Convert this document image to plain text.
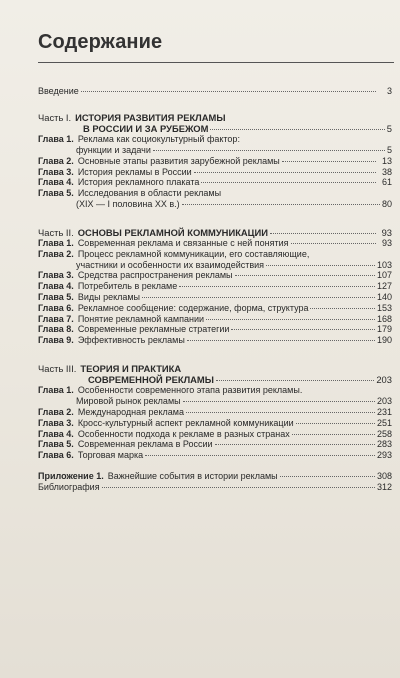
Содержание
Введение	3
Часть I. ИСТОРИЯ РАЗВИТИЯ РЕКЛАМЫ
В РОССИИ И ЗА РУБЕЖОМ	5
Глава 1. Реклама как социокультурный фактор:
функции и задачи	5
Глава 2. Основные этапы развития зарубежной рекламы	13
Глава 3. История рекламы в России	38
Глава 4. История рекламного плаката	61
Глава 5. Исследования в области рекламы
(XIX — I половина XX в.)	80
Часть II. ОСНОВЫ РЕКЛАМНОЙ КОММУНИКАЦИИ	93
Глава 1. Современная реклама и связанные с ней понятия	93
Глава 2. Процесс рекламной коммуникации, его составляющие,
участники и особенности их взаимодействия	103
Глава 3. Средства распространения рекламы	107
Глава 4. Потребитель в рекламе	127
Глава 5. Виды рекламы	140
Глава 6. Рекламное сообщение: содержание, форма, структура	153
Глава 7. Понятие рекламной кампании	168
Глава 8. Современные рекламные стратегии	179
Глава 9. Эффективность рекламы	190
Часть III. ТЕОРИЯ И ПРАКТИКА
СОВРЕМЕННОЙ РЕКЛАМЫ	203
Глава 1. Особенности современного этапа развития рекламы.
Мировой рынок рекламы	203
Глава 2. Международная реклама	231
Глава 3. Кросс-культурный аспект рекламной коммуникации	251
Глава 4. Особенности подхода к рекламе в разных странах	258
Глава 5. Современная реклама в России	283
Глава 6. Торговая марка	293
Приложение 1. Важнейшие события в истории рекламы	308
Библиография	312
